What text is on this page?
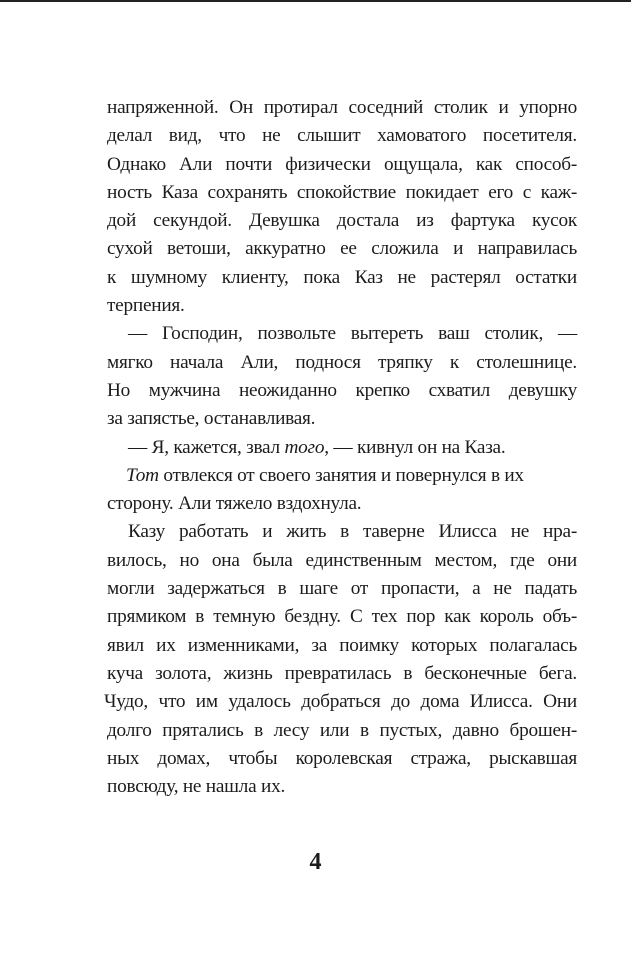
напряженной. Он протирал соседний столик и упорно
делал вид, что не слышит хамоватого посетителя.
Однако Али почти физически ощущала, как способ-
ность Каза сохранять спокойствие покидает его с каж-
дой секундой. Девушка достала из фартука кусок
сухой ветоши, аккуратно ее сложила и направилась
к шумному клиенту, пока Каз не растерял остатки
терпения.
— Господин, позвольте вытереть ваш столик, —
мягко начала Али, поднося тряпку к столешнице.
Но мужчина неожиданно крепко схватил девушку
за запястье, останавливая.
— Я, кажется, звал того, — кивнул он на Каза.
Тот отвлекся от своего занятия и повернулся в их
сторону. Али тяжело вздохнула.
Казу работать и жить в таверне Илисса не нра-
вилось, но она была единственным местом, где они
могли задержаться в шаге от пропасти, а не падать
прямиком в темную бездну. С тех пор как король объ-
явил их изменниками, за поимку которых полагалась
куча золота, жизнь превратилась в бесконечные бега.
Чудо, что им удалось добраться до дома Илисса. Они
долго прятались в лесу или в пустых, давно брошен-
ных домах, чтобы королевская стража, рыскавшая
повсюду, не нашла их.
4
